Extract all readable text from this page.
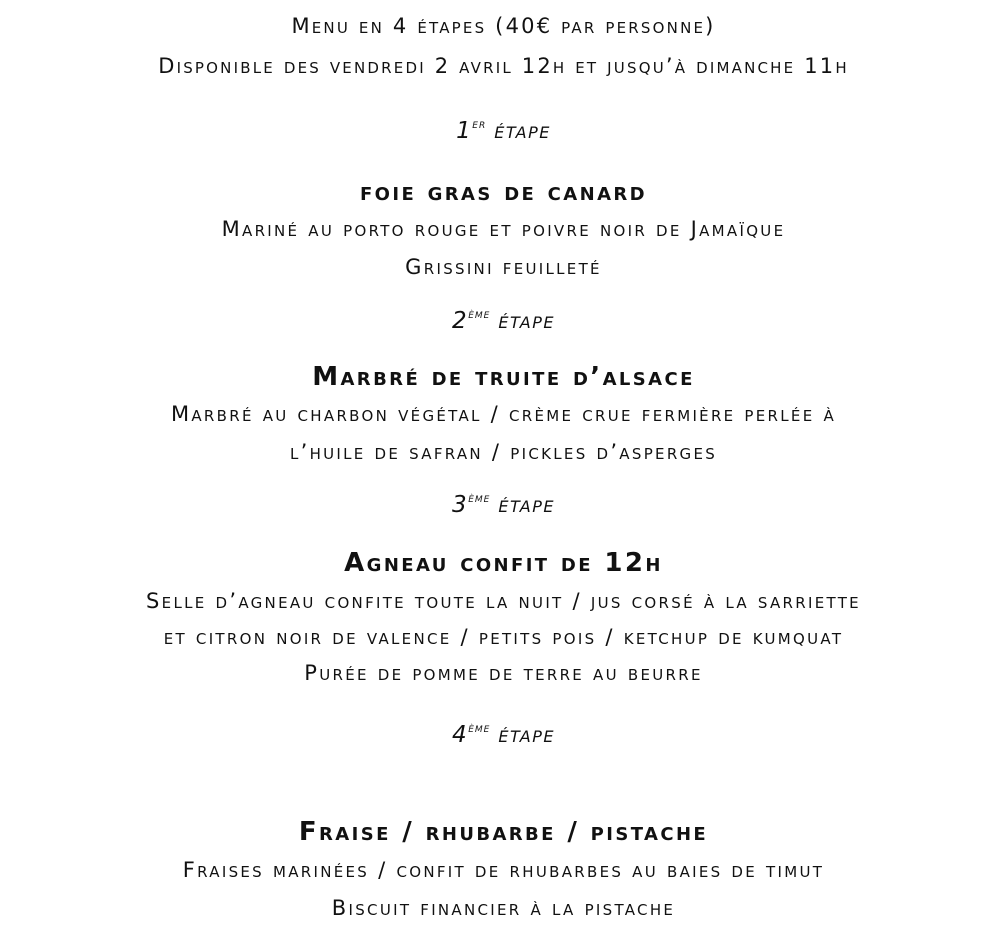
Menu en 4 étapes (40€ par personne)
Disponible des vendredi 2 avril 12h et jusqu’à dimanche 11h
1er étape
foie gras de canard
Mariné au porto rouge et poivre noir de Jamaïque
Grissini feuilleté
2ème étape
Marbré de truite d’alsace
Marbré au charbon végétal / crème crue fermière perlée à
l’huile de safran / pickles d’asperges
3ème étape
Agneau confit de 12h
Selle d’agneau confite toute la nuit / jus corsé à la sarriette
et citron noir de valence / petits pois / ketchup de kumquat
Purée de pomme de terre au beurre
4ème étape
Fraise / rhubarbe / pistache
Fraises marinées / confit de rhubarbes au baies de timut
Biscuit financier à la pistache
